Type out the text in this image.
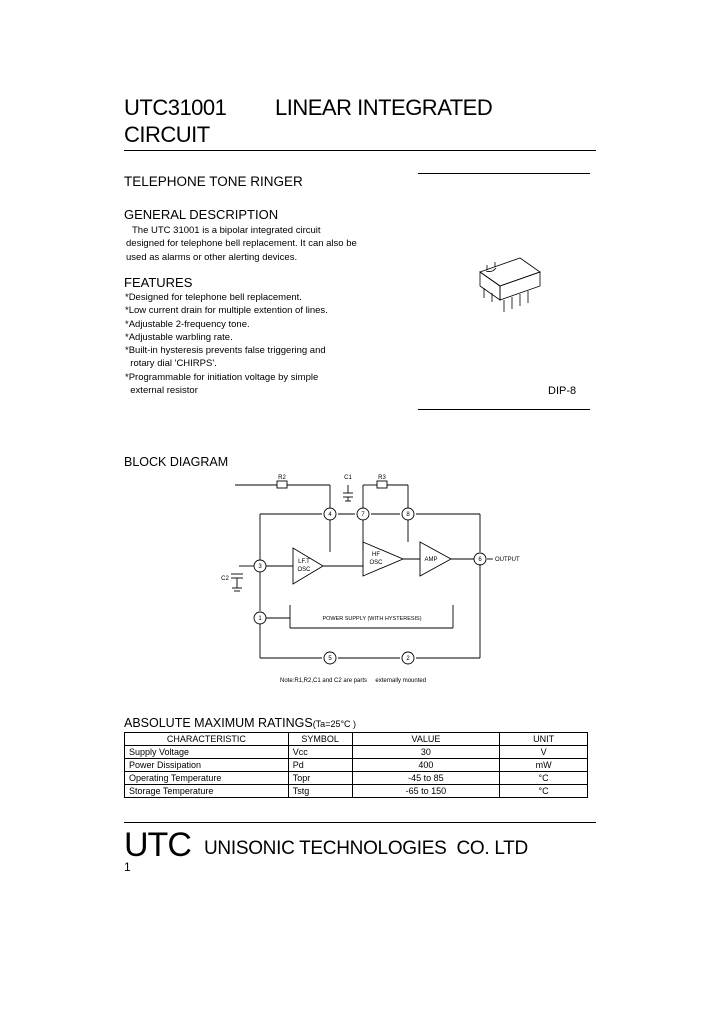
UTC31001 LINEAR INTEGRATED
CIRCUIT
TELEPHONE TONE RINGER
GENERAL DESCRIPTION
The UTC 31001 is a bipolar integrated circuit
designed for telephone bell replacement. It can also be
used as alarms or other alerting devices.
FEATURES
*Designed for telephone bell replacement.
*Low current drain for multiple extention of lines.
*Adjustable 2-frequency tone.
*Adjustable warbling rate.
*Built-in hysteresis prevents false triggering and
rotary dial 'CHIRPS'.
*Programmable for initiation voltage by simple
external resistor	DIP-8
BLOCK DIAGRAM
R2	C1	R3
C2
LF.T
OSC
HF
OSC	AMP
POWER SUPPLY (WITH HYSTERESIS)
3
4	7	8
6
1
5	2
OUTPUT
Note:R1,R2,C1 and C2 are parts     externally mounted
ABSOLUTE MAXIMUM RATINGS(Ta=25°C )
CHARACTERISTIC	SYMBOL	VALUE	UNIT
Supply Voltage	Vcc	30	V
Power Dissipation	Pd	400	mW
Operating Temperature	Topr	-45 to 85	°C
Storage Temperature	Tstg	-65 to 150	°C
UTC UNISONIC TECHNOLOGIES  CO. LTD
1
